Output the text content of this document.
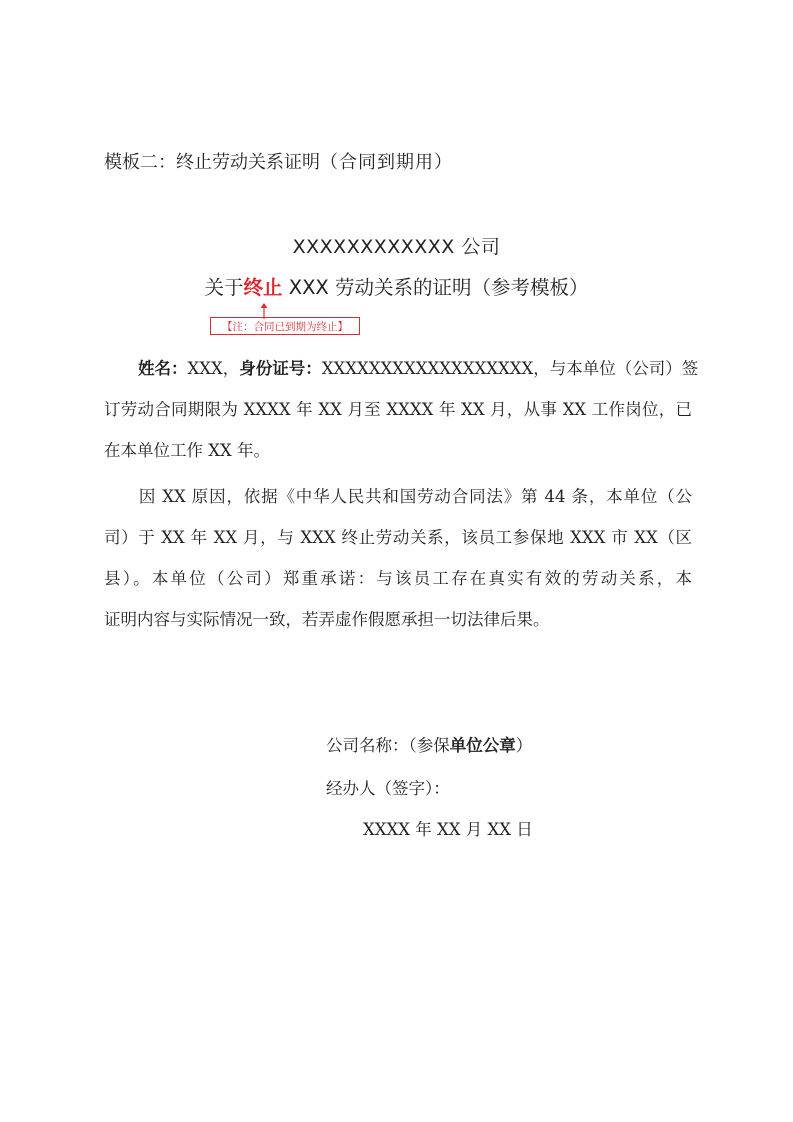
模板二：终止劳动关系证明（合同到期用）
XXXXXXXXXXXX 公司
关于终止 XXX 劳动关系的证明（参考模板）
【注：合同已到期为终止】
姓名：XXX，身份证号：XXXXXXXXXXXXXXXXXX，与本单位（公司）签
订劳动合同期限为 XXXX 年 XX 月至 XXXX 年 XX 月，从事 XX 工作岗位，已
在本单位工作 XX 年。
因 XX 原因，依据《中华人民共和国劳动合同法》第 44 条，本单位（公
司）于 XX 年 XX 月，与 XXX 终止劳动关系，该员工参保地 XXX 市 XX（区
县）。本单位（公司）郑重承诺：与该员工存在真实有效的劳动关系，本
证明内容与实际情况一致，若弄虚作假愿承担一切法律后果。
公司名称：（参保单位公章）
经办人（签字）：
XXXX 年 XX 月 XX 日
